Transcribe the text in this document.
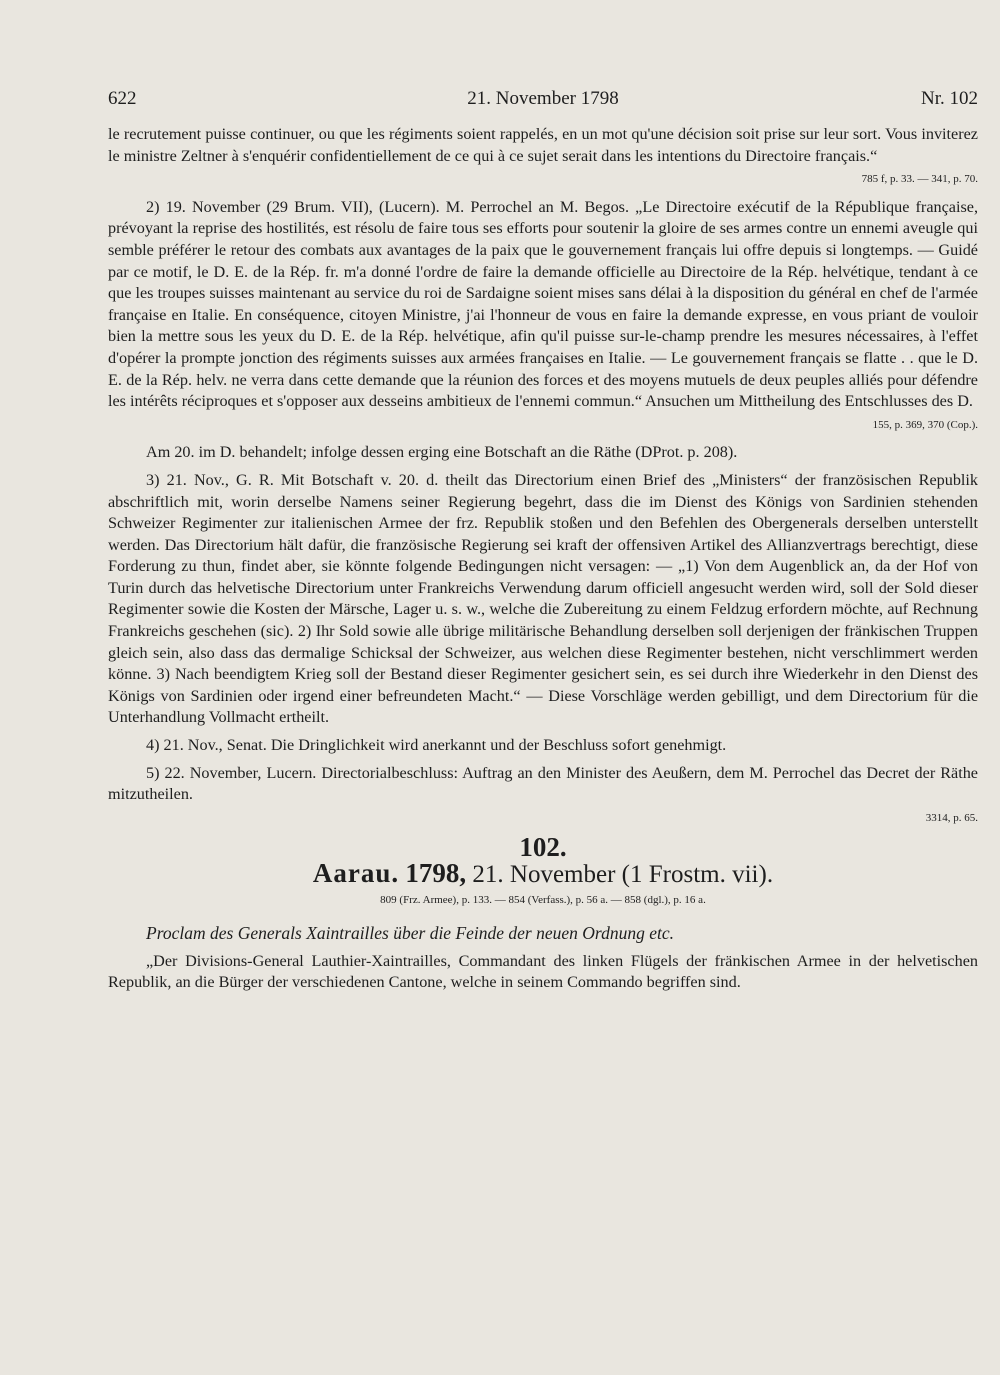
622	21. November 1798	Nr. 102

le recrutement puisse continuer, ou que les régiments soient rappelés, en un mot qu'une décision soit prise sur leur sort. Vous inviterez le ministre Zeltner à s'enquérir confidentiellement de ce qui à ce sujet serait dans les intentions du Directoire français.“

785 f, p. 33. — 341, p. 70.

2) 19. November (29 Brum. VII), (Lucern). M. Perrochel an M. Begos. „Le Directoire exécutif de la République française, prévoyant la reprise des hostilités, est résolu de faire tous ses efforts pour soutenir la gloire de ses armes contre un ennemi aveugle qui semble préférer le retour des combats aux avantages de la paix que le gouvernement français lui offre depuis si longtemps. — Guidé par ce motif, le D. E. de la Rép. fr. m'a donné l'ordre de faire la demande officielle au Directoire de la Rép. helvétique, tendant à ce que les troupes suisses maintenant au service du roi de Sardaigne soient mises sans délai à la disposition du général en chef de l'armée française en Italie. En conséquence, citoyen Ministre, j'ai l'honneur de vous en faire la demande expresse, en vous priant de vouloir bien la mettre sous les yeux du D. E. de la Rép. helvétique, afin qu'il puisse sur-le-champ prendre les mesures nécessaires, à l'effet d'opérer la prompte jonction des régiments suisses aux armées françaises en Italie. — Le gouvernement français se flatte . . que le D. E. de la Rép. helv. ne verra dans cette demande que la réunion des forces et des moyens mutuels de deux peuples alliés pour défendre les intérêts réciproques et s'opposer aux desseins ambitieux de l'ennemi commun.“ Ansuchen um Mittheilung des Entschlusses des D.

155, p. 369, 370 (Cop.).

Am 20. im D. behandelt; infolge dessen erging eine Botschaft an die Räthe (DProt. p. 208).

3) 21. Nov., G. R. Mit Botschaft v. 20. d. theilt das Directorium einen Brief des „Ministers“ der französischen Republik abschriftlich mit, worin derselbe Namens seiner Regierung begehrt, dass die im Dienst des Königs von Sardinien stehenden Schweizer Regimenter zur italienischen Armee der frz. Republik stoßen und den Befehlen des Obergenerals derselben unterstellt werden. Das Directorium hält dafür, die französische Regierung sei kraft der offensiven Artikel des Allianzvertrags berechtigt, diese Forderung zu thun, findet aber, sie könnte folgende Bedingungen nicht versagen: — „1) Von dem Augenblick an, da der Hof von Turin durch das helvetische Directorium unter Frankreichs Verwendung darum officiell angesucht werden wird, soll der Sold dieser Regimenter sowie die Kosten der Märsche, Lager u. s. w., welche die Zubereitung zu einem Feldzug erfordern möchte, auf Rechnung Frankreichs geschehen (sic). 2) Ihr Sold sowie alle übrige militärische Behandlung derselben soll derjenigen der fränkischen Truppen gleich sein, also dass das dermalige Schicksal der Schweizer, aus welchen diese Regimenter bestehen, nicht verschlimmert werden könne. 3) Nach beendigtem Krieg soll der Bestand dieser Regimenter gesichert sein, es sei durch ihre Wiederkehr in den Dienst des Königs von Sardinien oder irgend einer befreundeten Macht.“ — Diese Vorschläge werden gebilligt, und dem Directorium für die Unterhandlung Vollmacht ertheilt.

4) 21. Nov., Senat. Die Dringlichkeit wird anerkannt und der Beschluss sofort genehmigt.

5) 22. November, Lucern. Directorialbeschluss: Auftrag an den Minister des Aeußern, dem M. Perrochel das Decret der Räthe mitzutheilen.

3314, p. 65.
102.
Aarau. 1798, 21. November (1 Frostm. vii).
809 (Frz. Armee), p. 133. — 854 (Verfass.), p. 56 a. — 858 (dgl.), p. 16 a.
Proclam des Generals Xaintrailles über die Feinde der neuen Ordnung etc.

„Der Divisions-General Lauthier-Xaintrailles, Commandant des linken Flügels der fränkischen Armee in der helvetischen Republik, an die Bürger der verschiedenen Cantone, welche in seinem Commando begriffen sind.
